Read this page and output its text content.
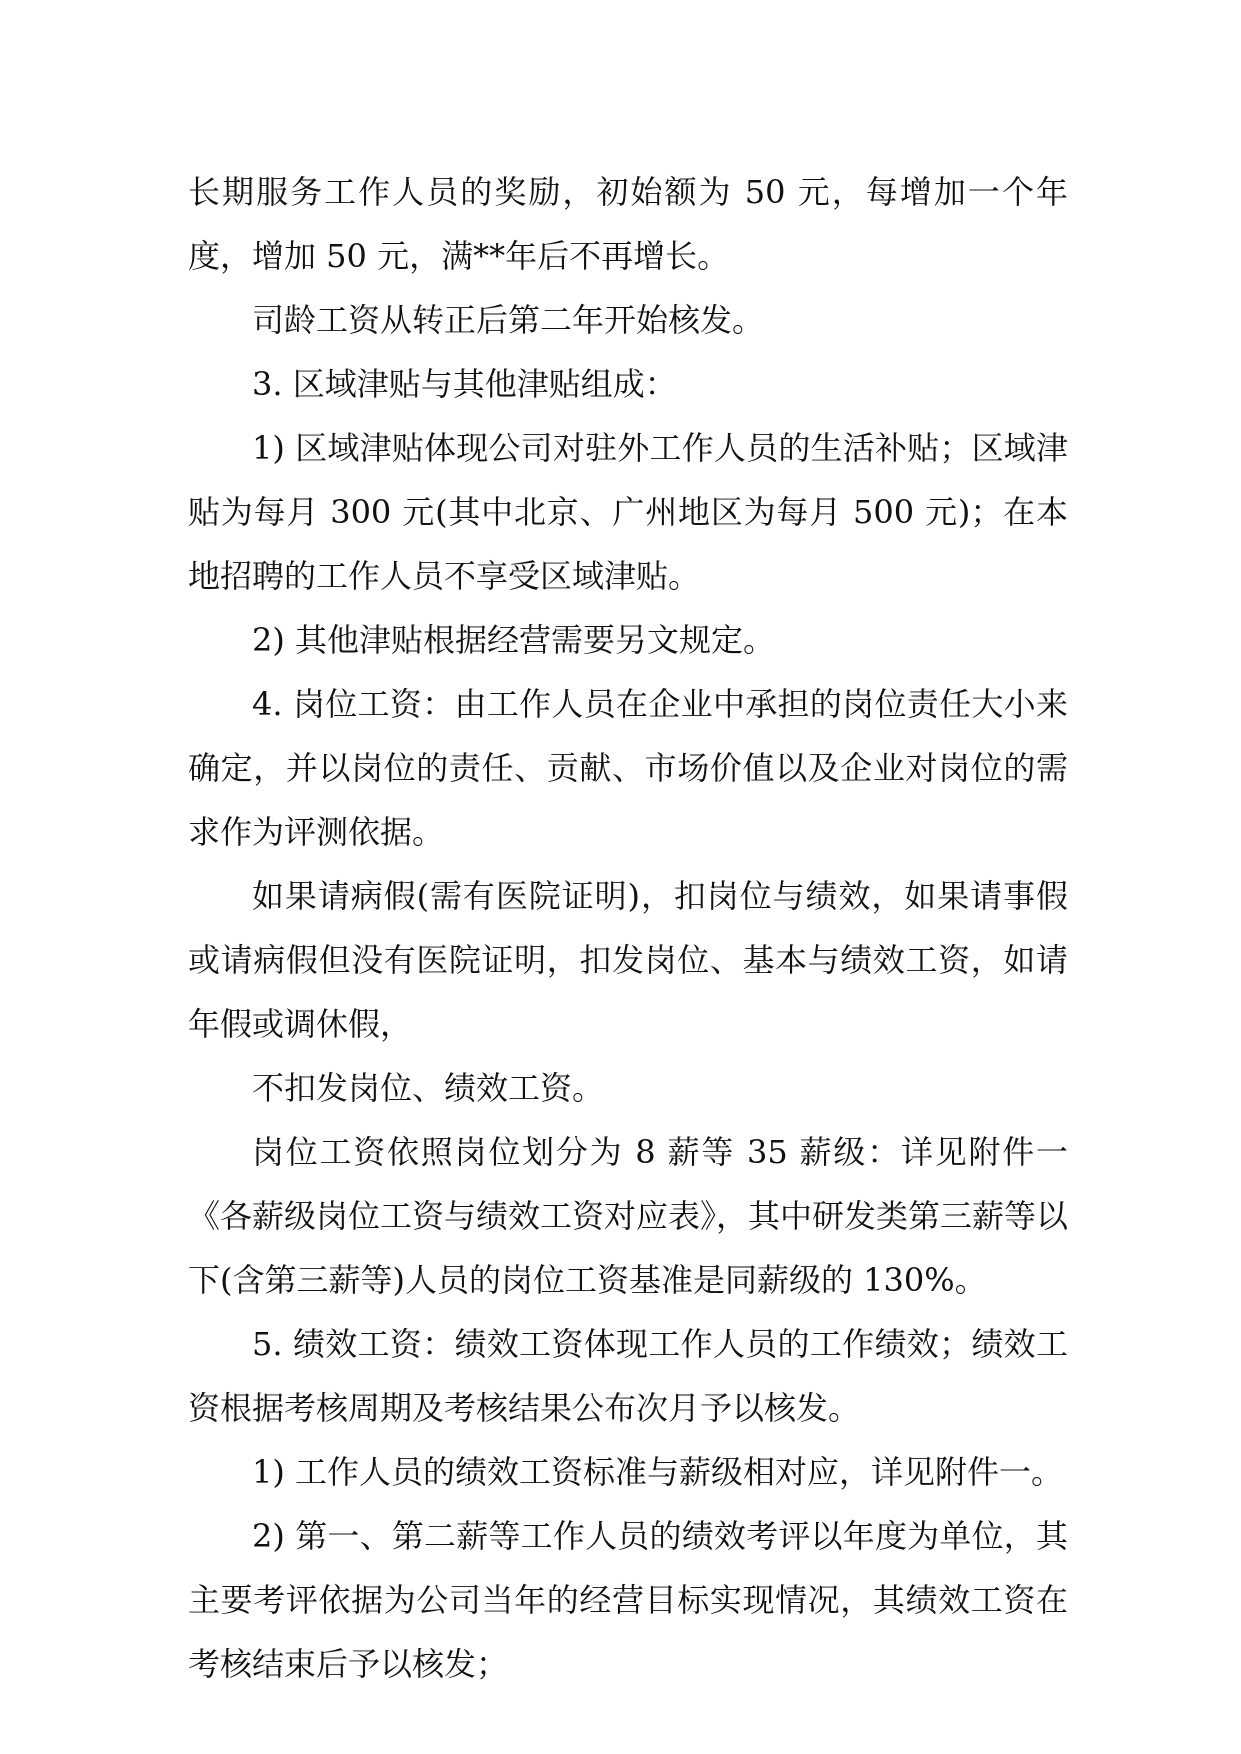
长期服务工作人员的奖励，初始额为 50 元，每增加一个年度，增加 50 元，满**年后不再增长。

司龄工资从转正后第二年开始核发。

3. 区域津贴与其他津贴组成：

1) 区域津贴体现公司对驻外工作人员的生活补贴；区域津贴为每月 300 元(其中北京、广州地区为每月 500 元)；在本地招聘的工作人员不享受区域津贴。

2) 其他津贴根据经营需要另文规定。

4. 岗位工资：由工作人员在企业中承担的岗位责任大小来确定，并以岗位的责任、贡献、市场价值以及企业对岗位的需求作为评测依据。

如果请病假(需有医院证明)，扣岗位与绩效，如果请事假或请病假但没有医院证明，扣发岗位、基本与绩效工资，如请年假或调休假，

不扣发岗位、绩效工资。

岗位工资依照岗位划分为 8 薪等 35 薪级：详见附件一《各薪级岗位工资与绩效工资对应表》，其中研发类第三薪等以下(含第三薪等)人员的岗位工资基准是同薪级的 130%。

5. 绩效工资：绩效工资体现工作人员的工作绩效；绩效工资根据考核周期及考核结果公布次月予以核发。

1) 工作人员的绩效工资标准与薪级相对应，详见附件一。

2) 第一、第二薪等工作人员的绩效考评以年度为单位，其主要考评依据为公司当年的经营目标实现情况，其绩效工资在考核结束后予以核发；
